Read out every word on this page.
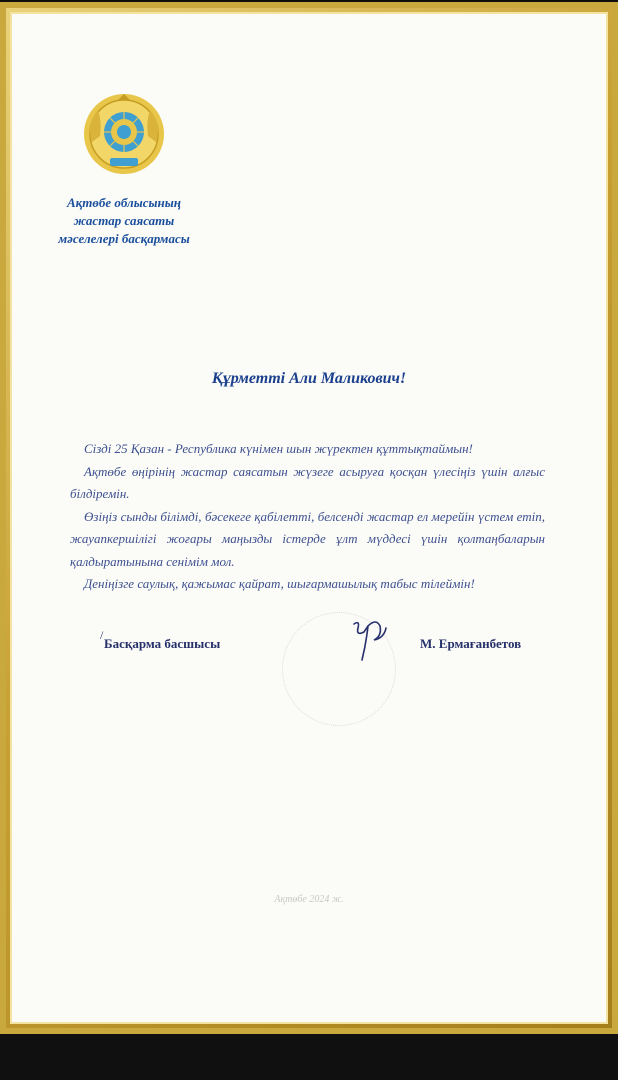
Ақтөбе облысының
жастар саясаты
мәселелері басқармасы
Құрметті Али Маликович!

Сізді 25 Қазан - Республика күнімен шын жүректен құттықтаймын!

Ақтөбе өңірінің жастар саясатын жүзеге асыруға қосқан үлесіңіз үшін алғыс білдіремін.

Өзіңіз сынды білімді, бәсекеге қабілетті, белсенді жастар ел мерейін үстем етіп, жауапкершілігі жоғары маңызды істерде ұлт мүддесі үшін қолтаңбаларын қалдыратынына сенімім мол.

Деніңізге саулық, қажымас қайрат, шығармашылық табыс тілеймін!

/
Басқарма басшысы	М. Ермағанбетов
Ақтөбе 2024 ж.
